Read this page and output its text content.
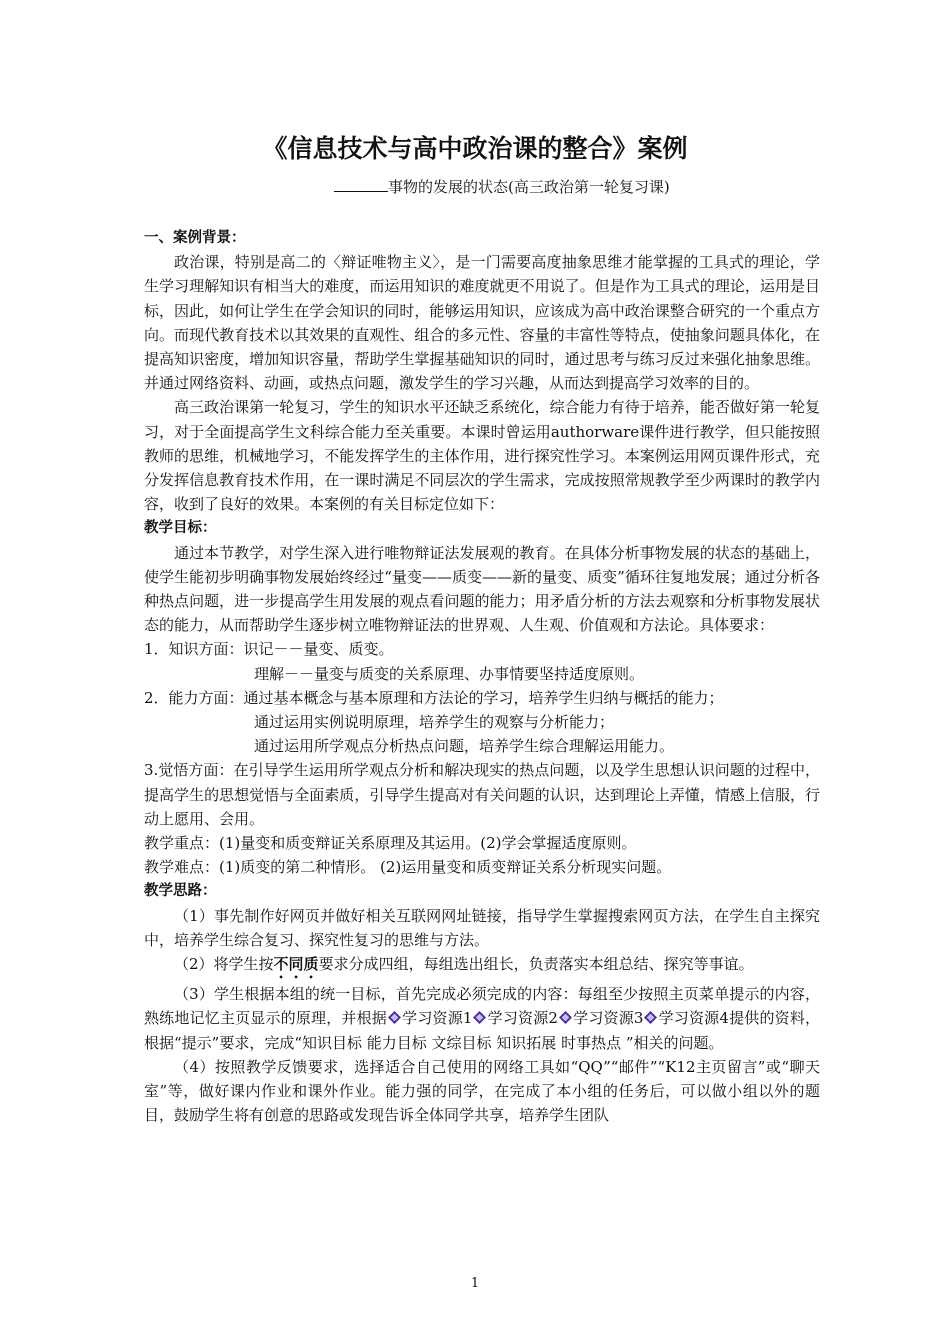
《信息技术与高中政治课的整合》案例
事物的发展的状态(高三政治第一轮复习课)

一、案例背景：

政治课，特别是高二的〈辩证唯物主义〉，是一门需要高度抽象思维才能掌握的工具式的理论，学生学习理解知识有相当大的难度，而运用知识的难度就更不用说了。但是作为工具式的理论，运用是目标，因此，如何让学生在学会知识的同时，能够运用知识，应该成为高中政治课整合研究的一个重点方向。而现代教育技术以其效果的直观性、组合的多元性、容量的丰富性等特点，使抽象问题具体化，在提高知识密度，增加知识容量，帮助学生掌握基础知识的同时，通过思考与练习反过来强化抽象思维。并通过网络资料、动画，或热点问题，激发学生的学习兴趣，从而达到提高学习效率的目的。

高三政治课第一轮复习，学生的知识水平还缺乏系统化，综合能力有待于培养，能否做好第一轮复习，对于全面提高学生文科综合能力至关重要。本课时曾运用authorware课件进行教学，但只能按照教师的思维，机械地学习，不能发挥学生的主体作用，进行探究性学习。本案例运用网页课件形式，充分发挥信息教育技术作用，在一课时满足不同层次的学生需求，完成按照常规教学至少两课时的教学内容，收到了良好的效果。本案例的有关目标定位如下：

教学目标：

通过本节教学，对学生深入进行唯物辩证法发展观的教育。在具体分析事物发展的状态的基础上，使学生能初步明确事物发展始终经过“量变——质变——新的量变、质变”循环往复地发展；通过分析各种热点问题，进一步提高学生用发展的观点看问题的能力；用矛盾分析的方法去观察和分析事物发展状态的能力，从而帮助学生逐步树立唯物辩证法的世界观、人生观、价值观和方法论。具体要求：

1．知识方面：识记－－量变、质变。

理解－－量变与质变的关系原理、办事情要坚持适度原则。

2．能力方面：通过基本概念与基本原理和方法论的学习，培养学生归纳与概括的能力；

通过运用实例说明原理，培养学生的观察与分析能力；

通过运用所学观点分析热点问题，培养学生综合理解运用能力。

3.觉悟方面：在引导学生运用所学观点分析和解决现实的热点问题，以及学生思想认识问题的过程中，提高学生的思想觉悟与全面素质，引导学生提高对有关问题的认识，达到理论上弄懂，情感上信服，行动上愿用、会用。

教学重点：(1)量变和质变辩证关系原理及其运用。(2)学会掌握适度原则。

教学难点：(1)质变的第二种情形。 (2)运用量变和质变辩证关系分析现实问题。

教学思路：

（1）事先制作好网页并做好相关互联网网址链接，指导学生掌握搜索网页方法，在学生自主探究中，培养学生综合复习、探究性复习的思维与方法。

（2）将学生按不同质要求分成四组，每组选出组长，负责落实本组总结、探究等事谊。

（3）学生根据本组的统一目标，首先完成必须完成的内容：每组至少按照主页菜单提示的内容，熟练地记忆主页显示的原理，并根据 学习资源1 学习资源2 学习资源3 学习资源4提供的资料，根据“提示”要求，完成“知识目标 能力目标 文综目标 知识拓展 时事热点 ”相关的问题。

（4）按照教学反馈要求，选择适合自己使用的网络工具如“QQ”“邮件”“K12主页留言”或“聊天室”等，做好课内作业和课外作业。能力强的同学，在完成了本小组的任务后，可以做小组以外的题目，鼓励学生将有创意的思路或发现告诉全体同学共享，培养学生团队

1
